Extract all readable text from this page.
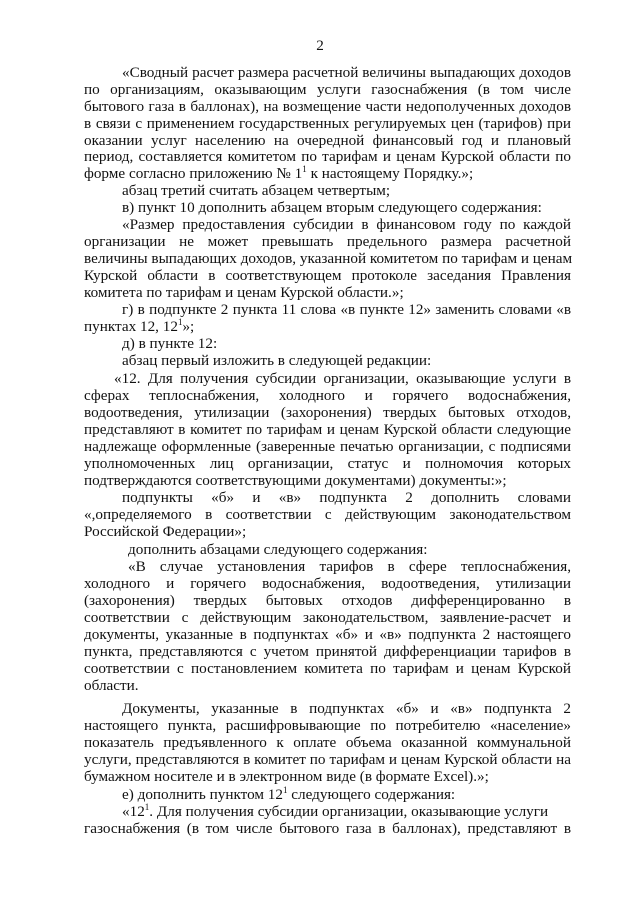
2
«Сводный расчет размера расчетной величины выпадающих доходов
по организациям, оказывающим услуги газоснабжения (в том числе
бытового газа в баллонах), на возмещение части недополученных доходов
в связи с применением государственных регулируемых цен (тарифов) при
оказании услуг населению на очередной финансовый год и плановый
период, составляется комитетом по тарифам и ценам Курской области по
форме согласно приложению № $1^1$ к настоящему Порядку.»;
абзац третий считать абзацем четвертым;
в) пункт 10 дополнить абзацем вторым следующего содержания:
«Размер предоставления субсидии в финансовом году по каждой
организации не может превышать предельного размера расчетной
величины выпадающих доходов, указанной комитетом по тарифам и ценам
Курской области в соответствующем протоколе заседания Правления
комитета по тарифам и ценам Курской области.»;
г) в подпункте 2 пункта 11 слова «в пункте 12» заменить словами «в
пунктах 12, $12^1$»;
д) в пункте 12:
абзац первый изложить в следующей редакции:
«12. Для получения субсидии организации, оказывающие услуги в
сферах теплоснабжения, холодного и горячего водоснабжения,
водоотведения, утилизации (захоронения) твердых бытовых отходов,
представляют в комитет по тарифам и ценам Курской области следующие
надлежаще оформленные (заверенные печатью организации, с подписями
уполномоченных лиц организации, статус и полномочия которых
подтверждаются соответствующими документами) документы:»;
подпункты «б» и «в» подпункта 2 дополнить словами
«,определяемого в соответствии с действующим законодательством
Российской Федерации»;
дополнить абзацами следующего содержания:
«В случае установления тарифов в сфере теплоснабжения,
холодного и горячего водоснабжения, водоотведения, утилизации
(захоронения) твердых бытовых отходов дифференцированно в
соответствии с действующим законодательством, заявление-расчет и
документы, указанные в подпунктах «б» и «в» подпункта 2 настоящего
пункта, представляются с учетом принятой дифференциации тарифов в
соответствии с постановлением комитета по тарифам и ценам Курской
области.
Документы, указанные в подпунктах «б» и «в» подпункта 2
настоящего пункта, расшифровывающие по потребителю «население»
показатель предъявленного к оплате объема оказанной коммунальной
услуги, представляются в комитет по тарифам и ценам Курской области на
бумажном носителе и в электронном виде (в формате Excel).»;
е) дополнить пунктом $12^1$ следующего содержания:
«$12^1$. Для получения субсидии организации, оказывающие услуги
газоснабжения (в том числе бытового газа в баллонах), представляют в
